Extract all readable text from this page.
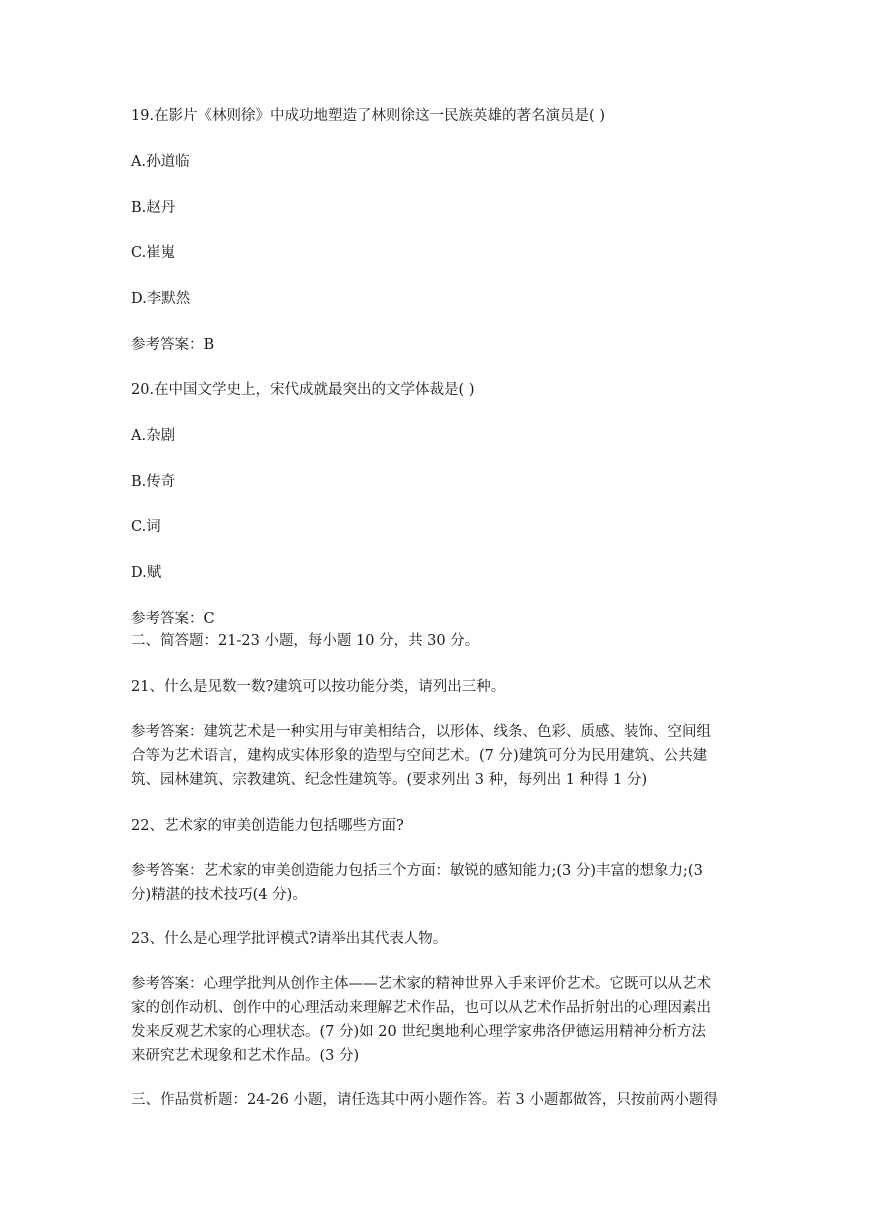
19.在影片《林则徐》中成功地塑造了林则徐这一民族英雄的著名演员是( )
A.孙道临
B.赵丹
C.崔嵬
D.李默然
参考答案：B
20.在中国文学史上，宋代成就最突出的文学体裁是( )
A.杂剧
B.传奇
C.词
D.赋
参考答案：C
二、简答题：21-23 小题，每小题 10 分，共 30 分。
21、什么是见数一数?建筑可以按功能分类，请列出三种。
参考答案：建筑艺术是一种实用与审美相结合，以形体、线条、色彩、质感、装饰、空间组
合等为艺术语言，建构成实体形象的造型与空间艺术。(7 分)建筑可分为民用建筑、公共建
筑、园林建筑、宗教建筑、纪念性建筑等。(要求列出 3 种，每列出 1 种得 1 分)
22、艺术家的审美创造能力包括哪些方面?
参考答案：艺术家的审美创造能力包括三个方面：敏锐的感知能力;(3 分)丰富的想象力;(3
分)精湛的技术技巧(4 分)。
23、什么是心理学批评模式?请举出其代表人物。
参考答案：心理学批判从创作主体——艺术家的精神世界入手来评价艺术。它既可以从艺术
家的创作动机、创作中的心理活动来理解艺术作品，也可以从艺术作品折射出的心理因素出
发来反观艺术家的心理状态。(7 分)如 20 世纪奥地利心理学家弗洛伊德运用精神分析方法
来研究艺术现象和艺术作品。(3 分)
三、作品赏析题：24-26 小题，请任选其中两小题作答。若 3 小题都做答，只按前两小题得
